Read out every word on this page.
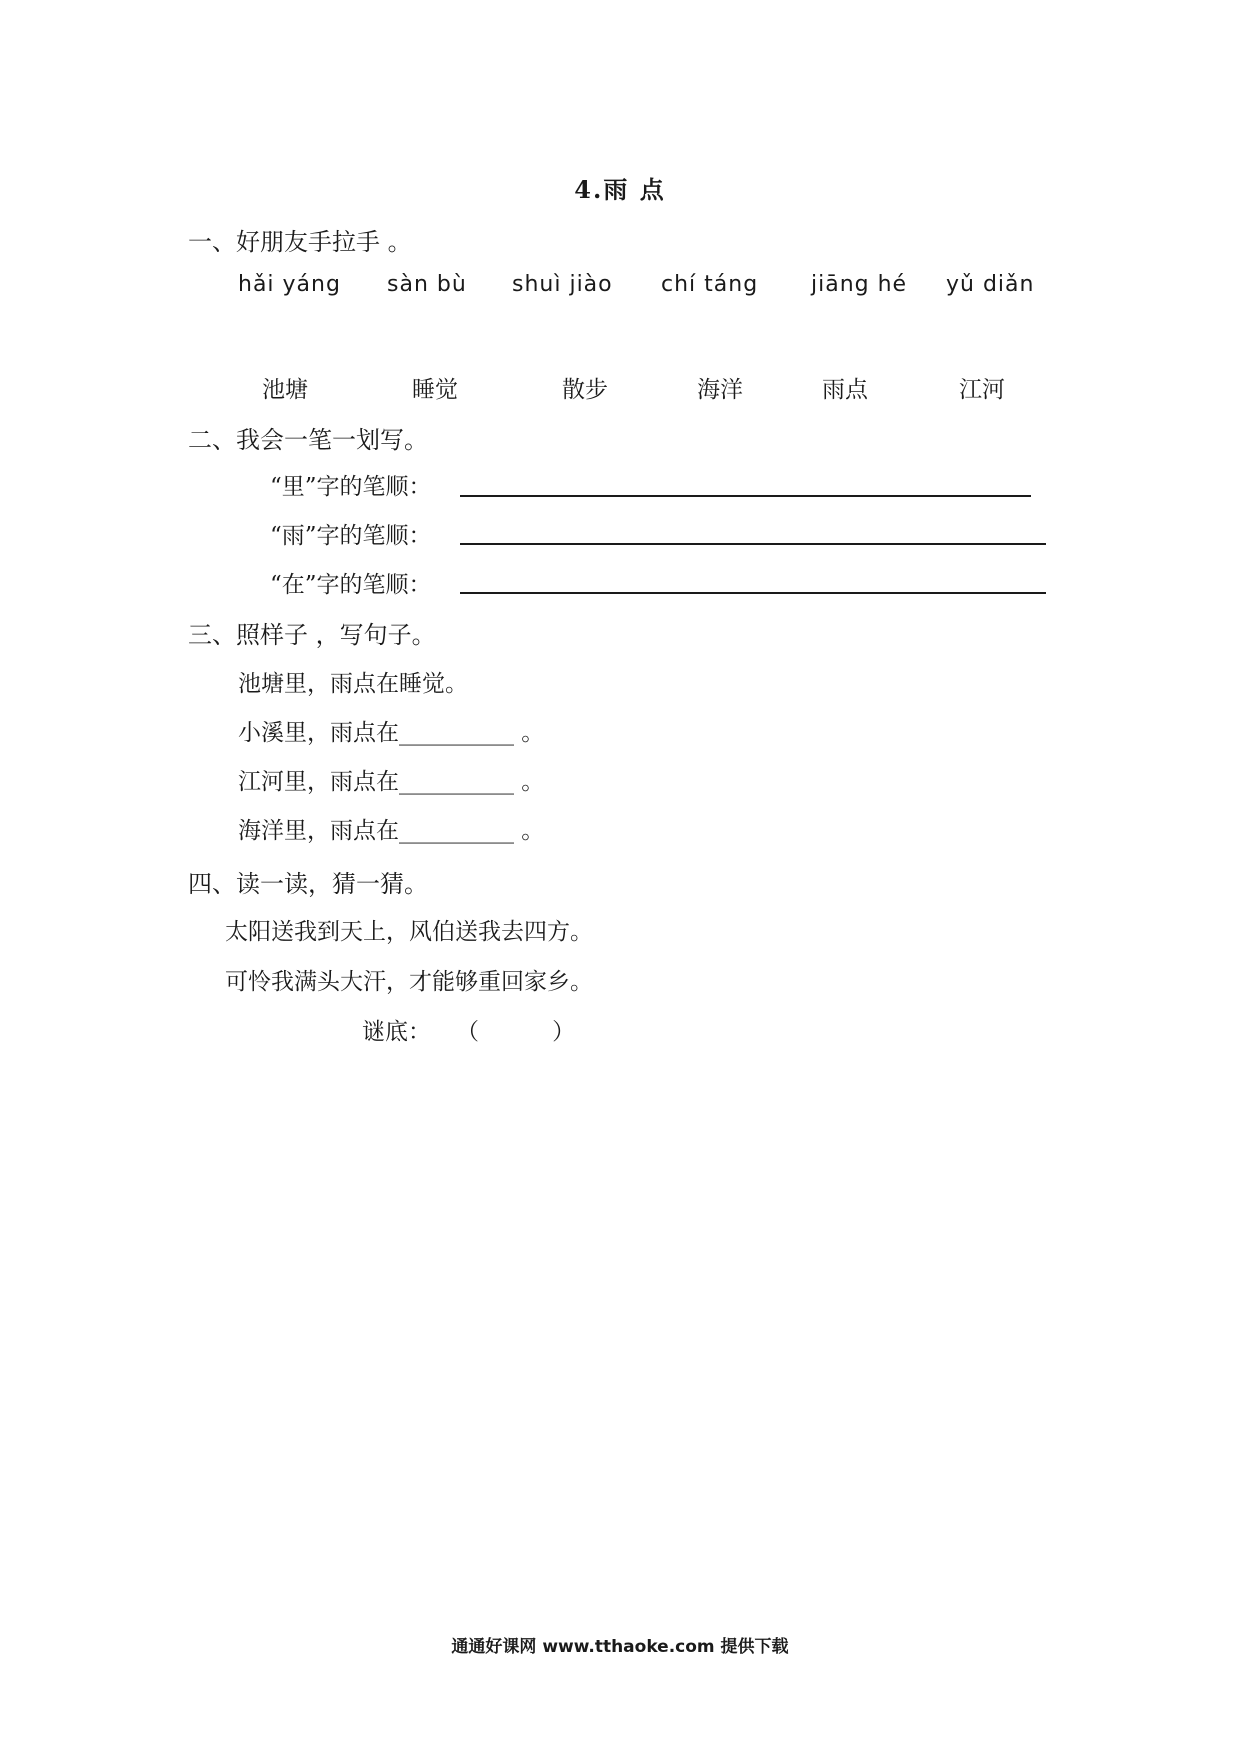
4.雨 点
一、好朋友手拉手 。
hǎi yáng sàn bù shuì jiào chí táng jiāng hé yǔ diǎn
池塘	睡觉	散步	海洋	雨点	江河
二、我会一笔一划写。
“里”字的笔顺：
“雨”字的笔顺：
“在”字的笔顺：
三、照样子 ，写句子。
池塘里，雨点在睡觉。
小溪里，雨点在__________ 。
江河里，雨点在__________ 。
海洋里，雨点在__________ 。
四、读一读，猜一猜。
太阳送我到天上，风伯送我去四方。
可怜我满头大汗，才能够重回家乡。
谜底： （          ）
通通好课网 www.tthaoke.com 提供下载
